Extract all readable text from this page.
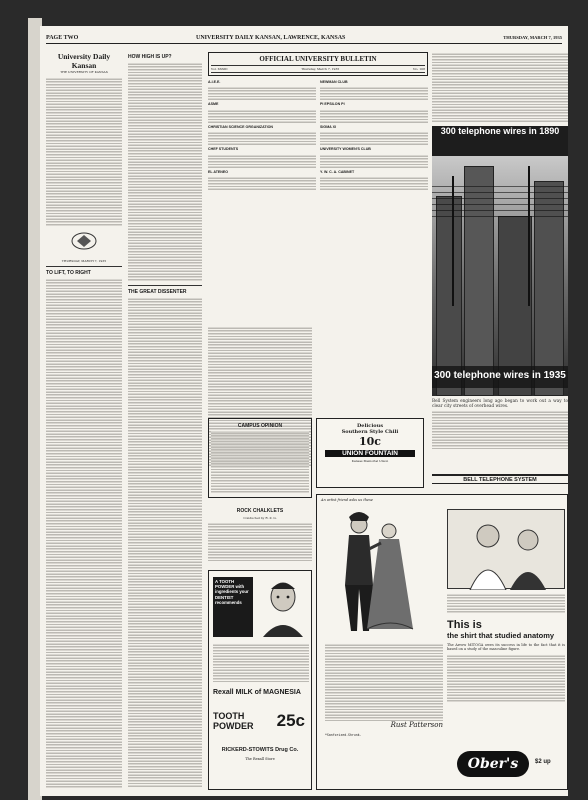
PAGE TWO	UNIVERSITY DAILY KANSAN, LAWRENCE, KANSAS	THURSDAY, MARCH 7, 1935
University Daily Kansan
THE UNIVERSITY OF KANSAS
THURSDAY, MARCH 7, 1935
TO LIFT, TO RIGHT
HOW HIGH IS UP?
THE GREAT DISSENTER
OFFICIAL UNIVERSITY BULLETIN
Vol. XXXIII	Thursday, March 7, 1935	No. 108
A.I.E.E.
ASME
CHRISTIAN SCIENCE ORGANIZATION
CHEF STUDENTS
EL ATENEO
NEWMAN CLUB
PI EPSILON PI
SIGMA XI
UNIVERSITY WOMEN'S CLUB
Y. W. C. A. CABINET
300 telephone wires in 1890
300 telephone wires in 1935
Bell System engineers long ago began to work out a way to clear city streets of overhead wires.
BELL TELEPHONE SYSTEM
Delicious
Southern Style Chili
10c
UNION FOUNTAIN
Kansas Memorial Union
CAMPUS OPINION
ROCK CHALKLETS
Conducted by R. Z. G.
A TOOTH POWDER with ingredients your DENTIST recommends
Rexall MILK of MAGNESIA
TOOTH
POWDER 25c
RICKERD-STOWITS Drug Co.
The Rexall Store
An artist friend asks us these
Rust Patterson
*Sanforized-Shrunk.
This is
the shirt that studied anatomy
The Arrow MITOGA owes its success in life to the fact that it is based on a study of the masculine figure.
Ober's	$2 up
